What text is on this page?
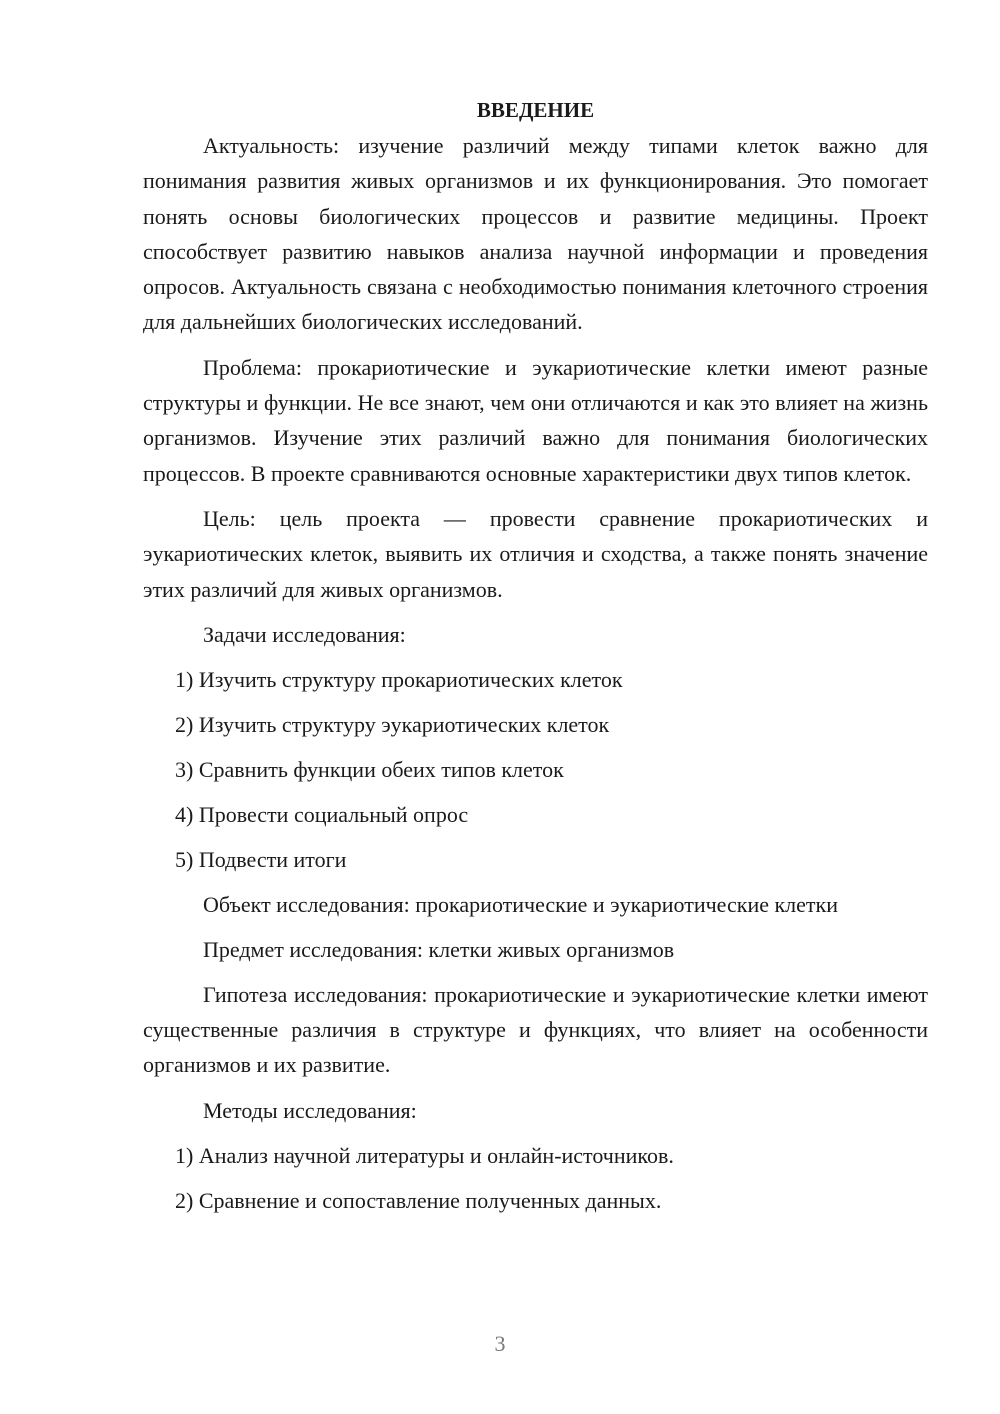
ВВЕДЕНИЕ

Актуальность: изучение различий между типами клеток важно для понимания развития живых организмов и их функционирования. Это помогает понять основы биологических процессов и развитие медицины. Проект способствует развитию навыков анализа научной информации и проведения опросов. Актуальность связана с необходимостью понимания клеточного строения для дальнейших биологических исследований.

Проблема: прокариотические и эукариотические клетки имеют разные структуры и функции. Не все знают, чем они отличаются и как это влияет на жизнь организмов. Изучение этих различий важно для понимания биологических процессов. В проекте сравниваются основные характеристики двух типов клеток.

Цель: цель проекта — провести сравнение прокариотических и эукариотических клеток, выявить их отличия и сходства, а также понять значение этих различий для живых организмов.

Задачи исследования:
1) Изучить структуру прокариотических клеток
2) Изучить структуру эукариотических клеток
3) Сравнить функции обеих типов клеток
4) Провести социальный опрос
5) Подвести итоги
Объект исследования: прокариотические и эукариотические клетки
Предмет исследования: клетки живых организмов

Гипотеза исследования: прокариотические и эукариотические клетки имеют существенные различия в структуре и функциях, что влияет на особенности организмов и их развитие.

Методы исследования:
1) Анализ научной литературы и онлайн-источников.
2) Сравнение и сопоставление полученных данных.
3
